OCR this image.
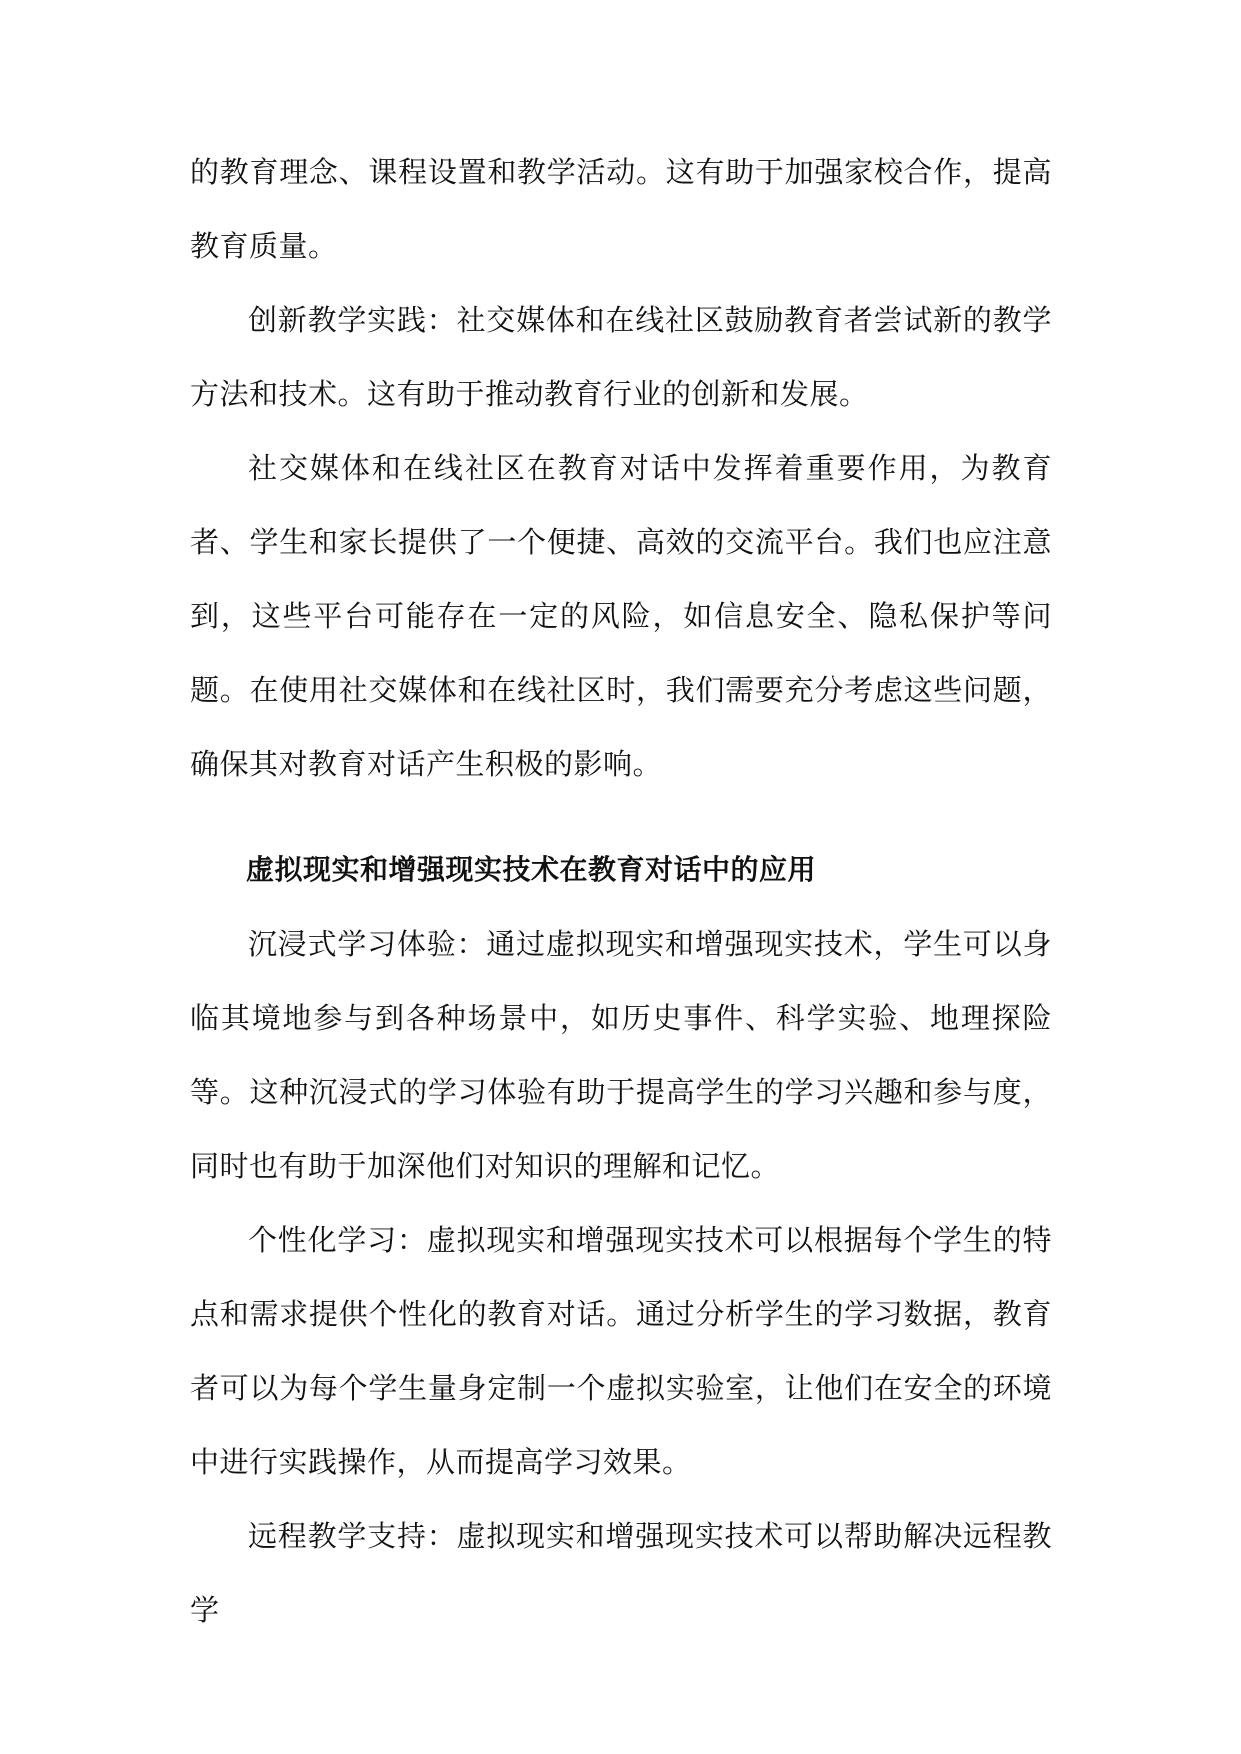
的教育理念、课程设置和教学活动。这有助于加强家校合作，提高教育质量。

创新教学实践：社交媒体和在线社区鼓励教育者尝试新的教学方法和技术。这有助于推动教育行业的创新和发展。

社交媒体和在线社区在教育对话中发挥着重要作用，为教育者、学生和家长提供了一个便捷、高效的交流平台。我们也应注意到，这些平台可能存在一定的风险，如信息安全、隐私保护等问题。在使用社交媒体和在线社区时，我们需要充分考虑这些问题，确保其对教育对话产生积极的影响。

虚拟现实和增强现实技术在教育对话中的应用

沉浸式学习体验：通过虚拟现实和增强现实技术，学生可以身临其境地参与到各种场景中，如历史事件、科学实验、地理探险等。这种沉浸式的学习体验有助于提高学生的学习兴趣和参与度，同时也有助于加深他们对知识的理解和记忆。

个性化学习：虚拟现实和增强现实技术可以根据每个学生的特点和需求提供个性化的教育对话。通过分析学生的学习数据，教育者可以为每个学生量身定制一个虚拟实验室，让他们在安全的环境中进行实践操作，从而提高学习效果。

远程教学支持：虚拟现实和增强现实技术可以帮助解决远程教学
